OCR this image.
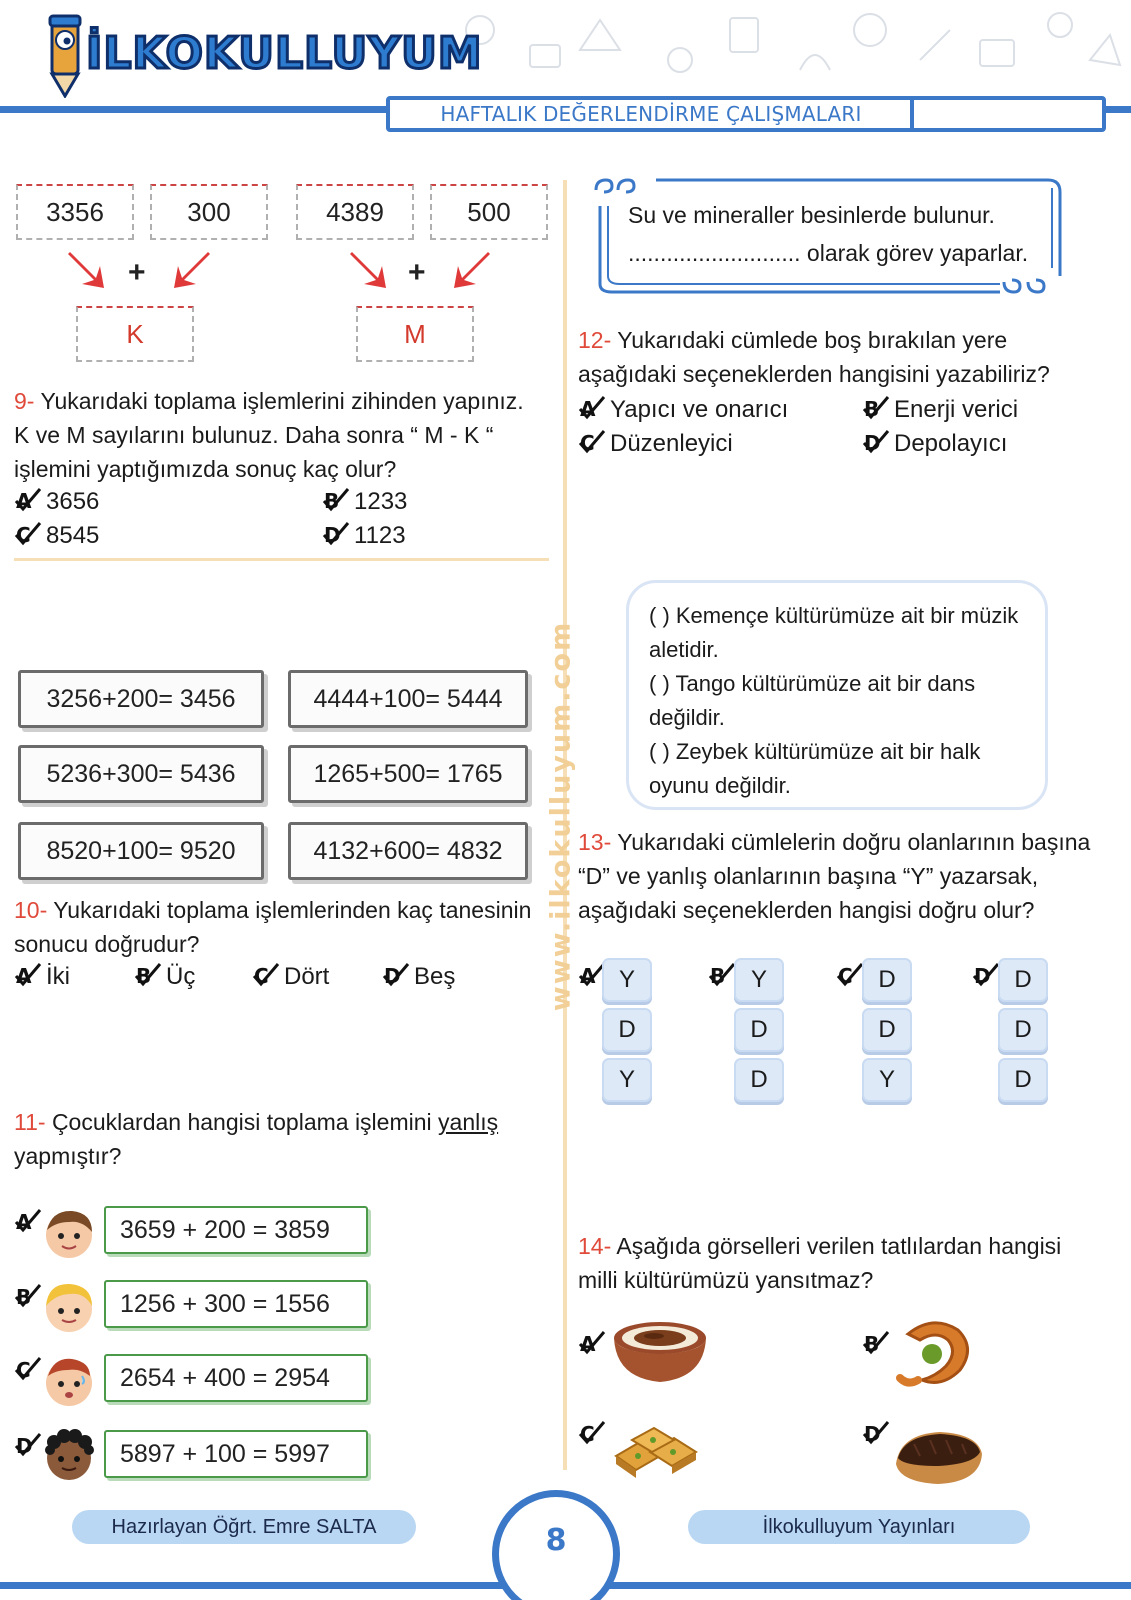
İLKOKULLUYUM
HAFTALIK DEĞERLENDİRME ÇALIŞMALARI
www.ilkokulluyum.com
3356	300	4389	500
+	+
K	M
9- Yukarıdaki toplama işlemlerini zihinden yapınız. K ve M sayılarını bulunuz. Daha sonra “ M - K “ işlemini yaptığımızda sonuç kaç olur?
A 3656	B 1233
C 8545	D 1123
3256+200= 3456	4444+100= 5444
5236+300= 5436	1265+500= 1765
8520+100= 9520	4132+600= 4832
10- Yukarıdaki toplama işlemlerinden kaç tanesinin sonucu doğrudur?
A İki	B Üç	C Dört	D Beş
11- Çocuklardan hangisi toplama işlemini yanlış yapmıştır?
A	3659 + 200 = 3859
B	1256 + 300 = 1556
C	2654 + 400 = 2954
D	5897 + 100 = 5997
Su ve mineraller besinlerde bulunur.
........................... olarak görev yaparlar.
12- Yukarıdaki cümlede boş bırakılan yere aşağıdaki seçeneklerden hangisini yazabiliriz?
A Yapıcı ve onarıcı	B Enerji verici
C Düzenleyici	D Depolayıcı

( ) Kemençe kültürümüze ait bir müzik aletidir.

( ) Tango kültürümüze ait bir dans değildir.

( ) Zeybek kültürümüze ait bir halk oyunu değildir.

13- Yukarıdaki cümlelerin doğru olanlarının başına “D” ve yanlış olanlarının başına “Y” yazarsak, aşağıdaki seçeneklerden hangisi doğru olur?
A Y
D
Y
B	Y
D
D
C	D
D
Y
D D
D
D
14- Aşağıda görselleri verilen tatlılardan hangisi milli kültürümüzü yansıtmaz?
A	B
C	D
Hazırlayan Öğrt. Emre SALTA	İlkokulluyum Yayınları
8
